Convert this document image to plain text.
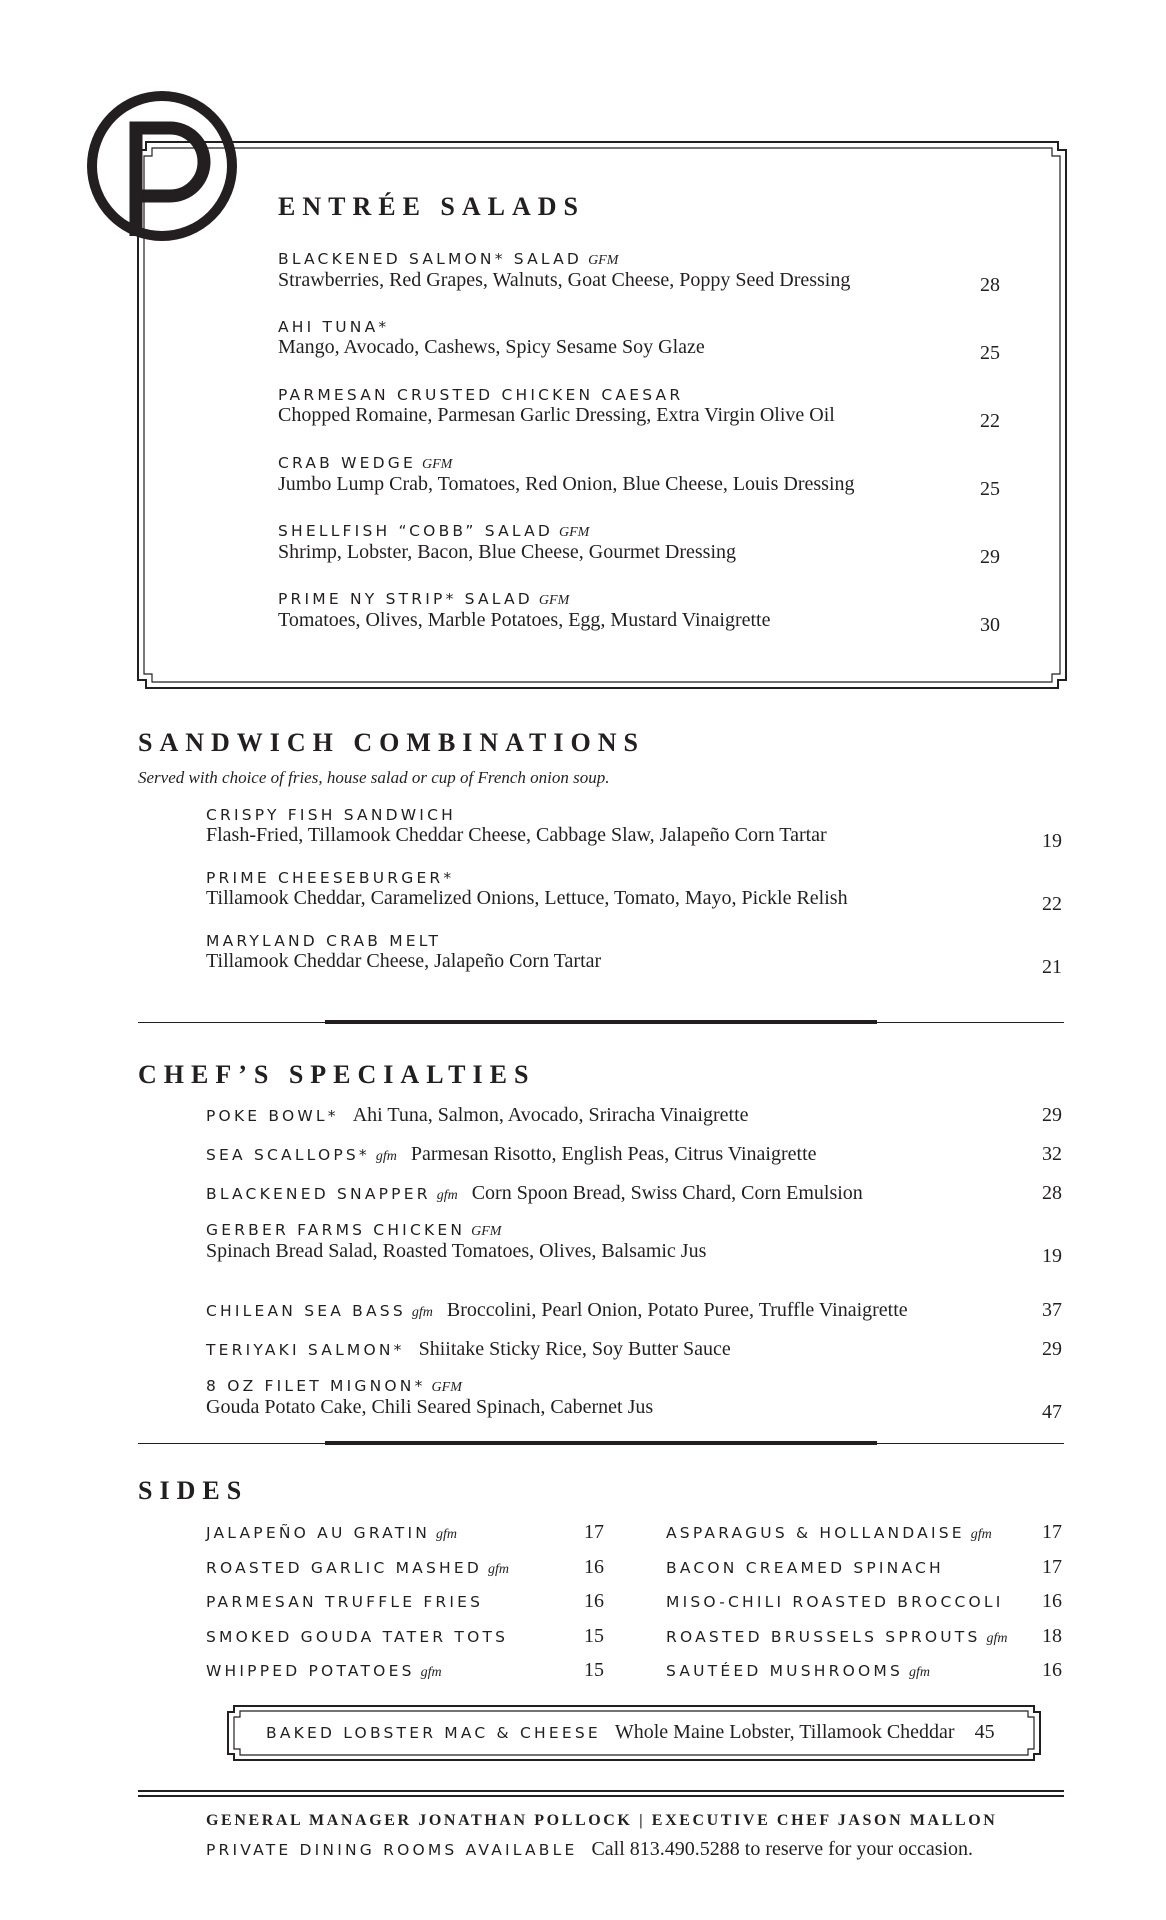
ENTRÉE SALADS
BLACKENED SALMON* SALAD GFM
Strawberries, Red Grapes, Walnuts, Goat Cheese, Poppy Seed Dressing	28
AHI TUNA*
Mango, Avocado, Cashews, Spicy Sesame Soy Glaze	25
PARMESAN CRUSTED CHICKEN CAESAR
Chopped Romaine, Parmesan Garlic Dressing, Extra Virgin Olive Oil	22
CRAB WEDGE GFM
Jumbo Lump Crab, Tomatoes, Red Onion, Blue Cheese, Louis Dressing	25
SHELLFISH “COBB” SALAD GFM
Shrimp, Lobster, Bacon, Blue Cheese, Gourmet Dressing	29
PRIME NY STRIP* SALAD GFM
Tomatoes, Olives, Marble Potatoes, Egg, Mustard Vinaigrette	30
SANDWICH COMBINATIONS
Served with choice of fries, house salad or cup of French onion soup.
CRISPY FISH SANDWICH
Flash-Fried, Tillamook Cheddar Cheese, Cabbage Slaw, Jalapeño Corn Tartar	19
PRIME CHEESEBURGER*
Tillamook Cheddar, Caramelized Onions, Lettuce, Tomato, Mayo, Pickle Relish	22
MARYLAND CRAB MELT
Tillamook Cheddar Cheese, Jalapeño Corn Tartar	21
CHEF’S SPECIALTIES
POKE BOWL* Ahi Tuna, Salmon, Avocado, Sriracha Vinaigrette	29
SEA SCALLOPS* gfm Parmesan Risotto, English Peas, Citrus Vinaigrette	32
BLACKENED SNAPPER gfm Corn Spoon Bread, Swiss Chard, Corn Emulsion	28
GERBER FARMS CHICKEN GFM
Spinach Bread Salad, Roasted Tomatoes, Olives, Balsamic Jus	19
CHILEAN SEA BASS gfm Broccolini, Pearl Onion, Potato Puree, Truffle Vinaigrette	37
TERIYAKI SALMON* Shiitake Sticky Rice, Soy Butter Sauce	29
8 OZ FILET MIGNON* GFM
Gouda Potato Cake, Chili Seared Spinach, Cabernet Jus	47
SIDES
JALAPEÑO AU GRATIN gfm	17
ROASTED GARLIC MASHED gfm	16
PARMESAN TRUFFLE FRIES	16
SMOKED GOUDA TATER TOTS	15
WHIPPED POTATOES gfm	15
ASPARAGUS & HOLLANDAISE gfm	17
BACON CREAMED SPINACH	17
MISO-CHILI ROASTED BROCCOLI	16
ROASTED BRUSSELS SPROUTS gfm	18
SAUTÉED MUSHROOMS gfm	16
BAKED LOBSTER MAC & CHEESE Whole Maine Lobster, Tillamook Cheddar 45
GENERAL MANAGER JONATHAN POLLOCK | EXECUTIVE CHEF JASON MALLON
PRIVATE DINING ROOMS AVAILABLE Call 813.490.5288 to reserve for your occasion.
